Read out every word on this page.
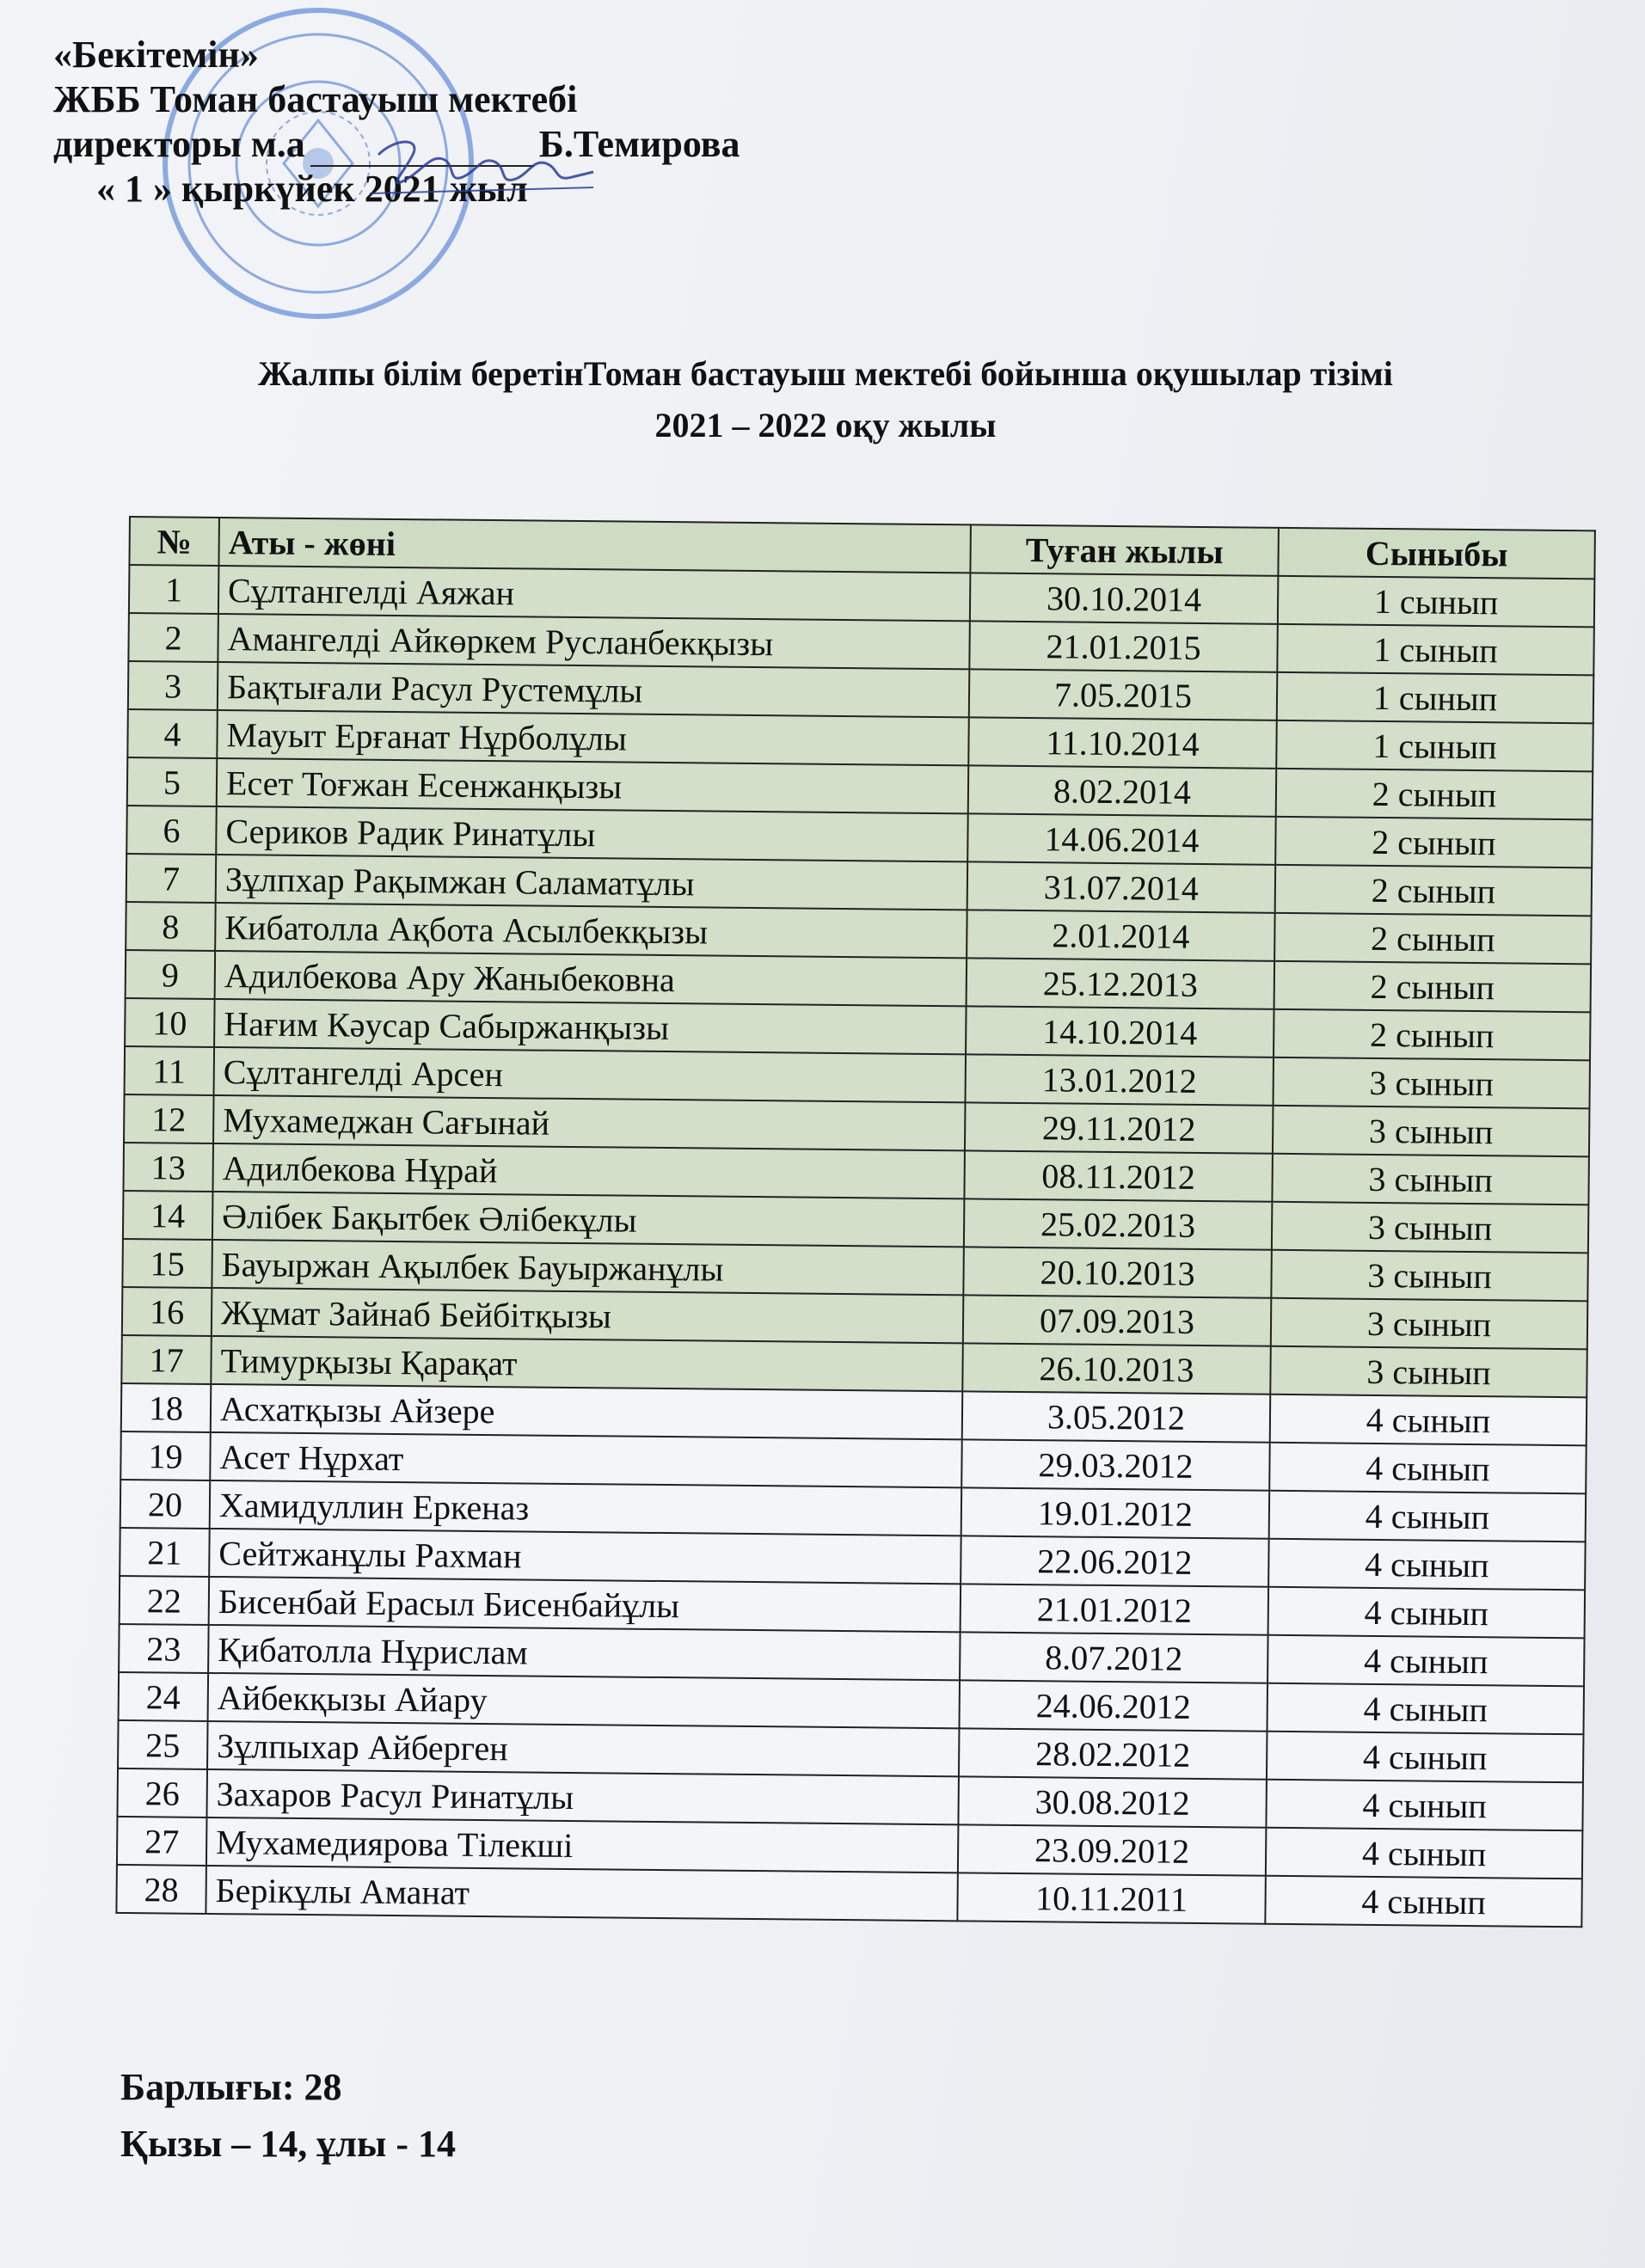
«Бекітемін»
ЖББ Томан бастауыш мектебі
директоры м.а	Б.Темирова
« 1 » қыркүйек 2021 жыл
Жалпы білім беретінТоман бастауыш мектебі бойынша оқушылар тізімі
2021 – 2022 оқу жылы
№	Аты - жөні	Туған жылы	Сыныбы
1	Сұлтангелді Аяжан	30.10.2014	1 сынып
2	Амангелді Айкөркем Русланбекқызы	21.01.2015	1 сынып
3	Бақтығали Расул Рустемұлы	7.05.2015	1 сынып
4	Мауыт Ерғанат Нұрболұлы	11.10.2014	1 сынып
5	Есет Тоғжан Есенжанқызы	8.02.2014	2 сынып
6	Сериков Радик Ринатұлы	14.06.2014	2 сынып
7	Зұлпхар Рақымжан Саламатұлы	31.07.2014	2 сынып
8	Кибатолла Ақбота Асылбекқызы	2.01.2014	2 сынып
9	Адилбекова Ару Жаныбековна	25.12.2013	2 сынып
10	Нағим Кәусар Сабыржанқызы	14.10.2014	2 сынып
11	Сұлтангелді Арсен	13.01.2012	3 сынып
12	Мухамеджан Сағынай	29.11.2012	3 сынып
13	Адилбекова Нұрай	08.11.2012	3 сынып
14	Әлібек Бақытбек Әлібекұлы	25.02.2013	3 сынып
15	Бауыржан Ақылбек Бауыржанұлы	20.10.2013	3 сынып
16	Жұмат Зайнаб Бейбітқызы	07.09.2013	3 сынып
17	Тимурқызы Қарақат	26.10.2013	3 сынып
18	Асхатқызы Айзере	3.05.2012	4 сынып
19	Асет Нұрхат	29.03.2012	4 сынып
20	Хамидуллин Еркеназ	19.01.2012	4 сынып
21	Сейтжанұлы Рахман	22.06.2012	4 сынып
22	Бисенбай Ерасыл Бисенбайұлы	21.01.2012	4 сынып
23	Қибатолла Нұрислам	8.07.2012	4 сынып
24	Айбекқызы Айару	24.06.2012	4 сынып
25	Зұлпыхар Айберген	28.02.2012	4 сынып
26	Захаров Расул Ринатұлы	30.08.2012	4 сынып
27	Мухамедиярова Тілекші	23.09.2012	4 сынып
28	Берікұлы Аманат	10.11.2011	4 сынып
Барлығы: 28
Қызы – 14, ұлы - 14
